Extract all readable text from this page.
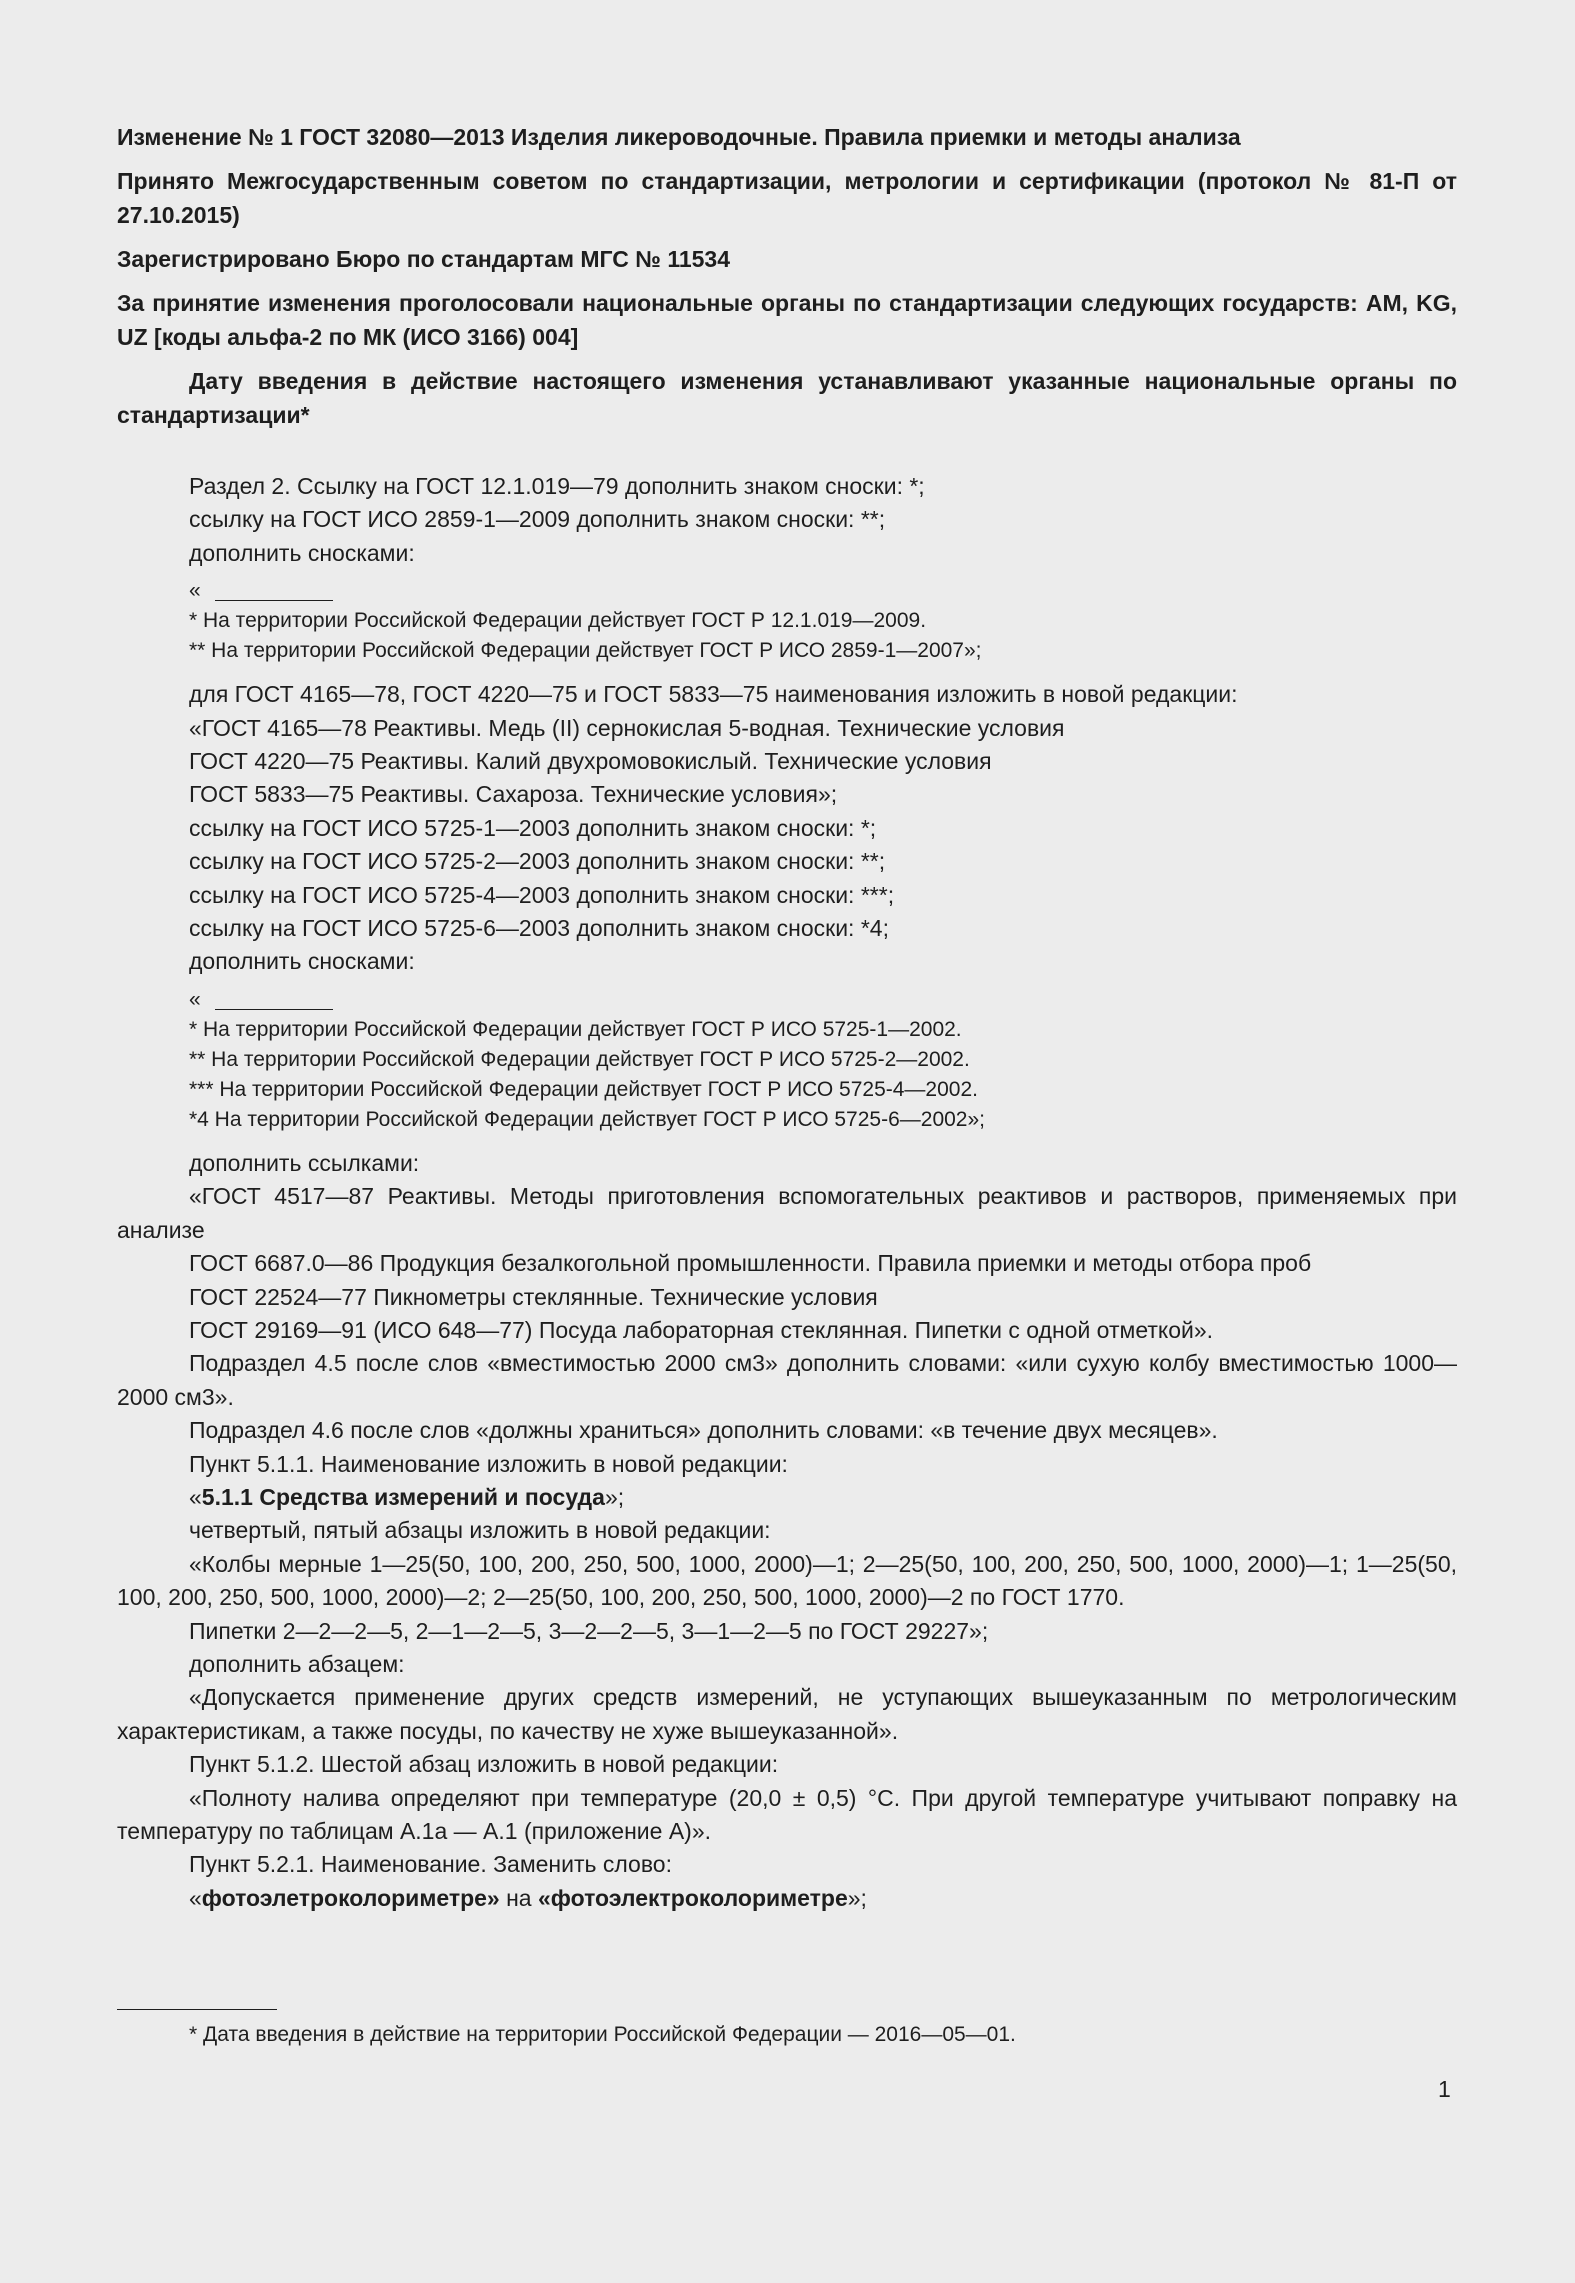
Изменение № 1 ГОСТ 32080—2013 Изделия ликероводочные. Правила приемки и методы анализа
Принято Межгосударственным советом по стандартизации, метрологии и сертификации (протокол № 81-П от 27.10.2015)
Зарегистрировано Бюро по стандартам МГС № 11534
За принятие изменения проголосовали национальные органы по стандартизации следующих государств: AM, KG, UZ [коды альфа-2 по МК (ИСО 3166) 004]
Дату введения в действие настоящего изменения устанавливают указанные национальные органы по стандартизации*

Раздел 2. Ссылку на ГОСТ 12.1.019—79 дополнить знаком сноски: *;

ссылку на ГОСТ ИСО 2859-1—2009 дополнить знаком сноски: **;

дополнить сносками:

«

* На территории Российской Федерации действует ГОСТ Р 12.1.019—2009.

** На территории Российской Федерации действует ГОСТ Р ИСО 2859-1—2007»;

для ГОСТ 4165—78, ГОСТ 4220—75 и ГОСТ 5833—75 наименования изложить в новой редакции:

«ГОСТ 4165—78 Реактивы. Медь (II) сернокислая 5-водная. Технические условия

ГОСТ 4220—75 Реактивы. Калий двухромовокислый. Технические условия

ГОСТ 5833—75 Реактивы. Сахароза. Технические условия»;

ссылку на ГОСТ ИСО 5725-1—2003 дополнить знаком сноски: *;

ссылку на ГОСТ ИСО 5725-2—2003 дополнить знаком сноски: **;

ссылку на ГОСТ ИСО 5725-4—2003 дополнить знаком сноски: ***;

ссылку на ГОСТ ИСО 5725-6—2003 дополнить знаком сноски: *4;

дополнить сносками:

«

* На территории Российской Федерации действует ГОСТ Р ИСО 5725-1—2002.

** На территории Российской Федерации действует ГОСТ Р ИСО 5725-2—2002.

*** На территории Российской Федерации действует ГОСТ Р ИСО 5725-4—2002.

*4 На территории Российской Федерации действует ГОСТ Р ИСО 5725-6—2002»;

дополнить ссылками:

«ГОСТ 4517—87 Реактивы. Методы приготовления вспомогательных реактивов и растворов, применяемых при анализе

ГОСТ 6687.0—86 Продукция безалкогольной промышленности. Правила приемки и методы отбора проб

ГОСТ 22524—77 Пикнометры стеклянные. Технические условия

ГОСТ 29169—91 (ИСО 648—77) Посуда лабораторная стеклянная. Пипетки с одной отметкой».

Подраздел 4.5 после слов «вместимостью 2000 см3» дополнить словами: «или сухую колбу вместимостью 1000—2000 см3».

Подраздел 4.6 после слов «должны храниться» дополнить словами: «в течение двух месяцев».

Пункт 5.1.1. Наименование изложить в новой редакции:

«5.1.1 Средства измерений и посуда»;

четвертый, пятый абзацы изложить в новой редакции:

«Колбы мерные 1—25(50, 100, 200, 250, 500, 1000, 2000)—1; 2—25(50, 100, 200, 250, 500, 1000, 2000)—1; 1—25(50, 100, 200, 250, 500, 1000, 2000)—2; 2—25(50, 100, 200, 250, 500, 1000, 2000)—2 по ГОСТ 1770.

Пипетки 2—2—2—5, 2—1—2—5, 3—2—2—5, 3—1—2—5 по ГОСТ 29227»;

дополнить абзацем:

«Допускается применение других средств измерений, не уступающих вышеуказанным по метрологическим характеристикам, а также посуды, по качеству не хуже вышеуказанной».

Пункт 5.1.2. Шестой абзац изложить в новой редакции:

«Полноту налива определяют при температуре (20,0 ± 0,5) °С. При другой температуре учитывают поправку на температуру по таблицам А.1а — А.1 (приложение А)».

Пункт 5.2.1. Наименование. Заменить слово:

«фотоэлетроколориметре» на «фотоэлектроколориметре»;

* Дата введения в действие на территории Российской Федерации — 2016—05—01.
1
